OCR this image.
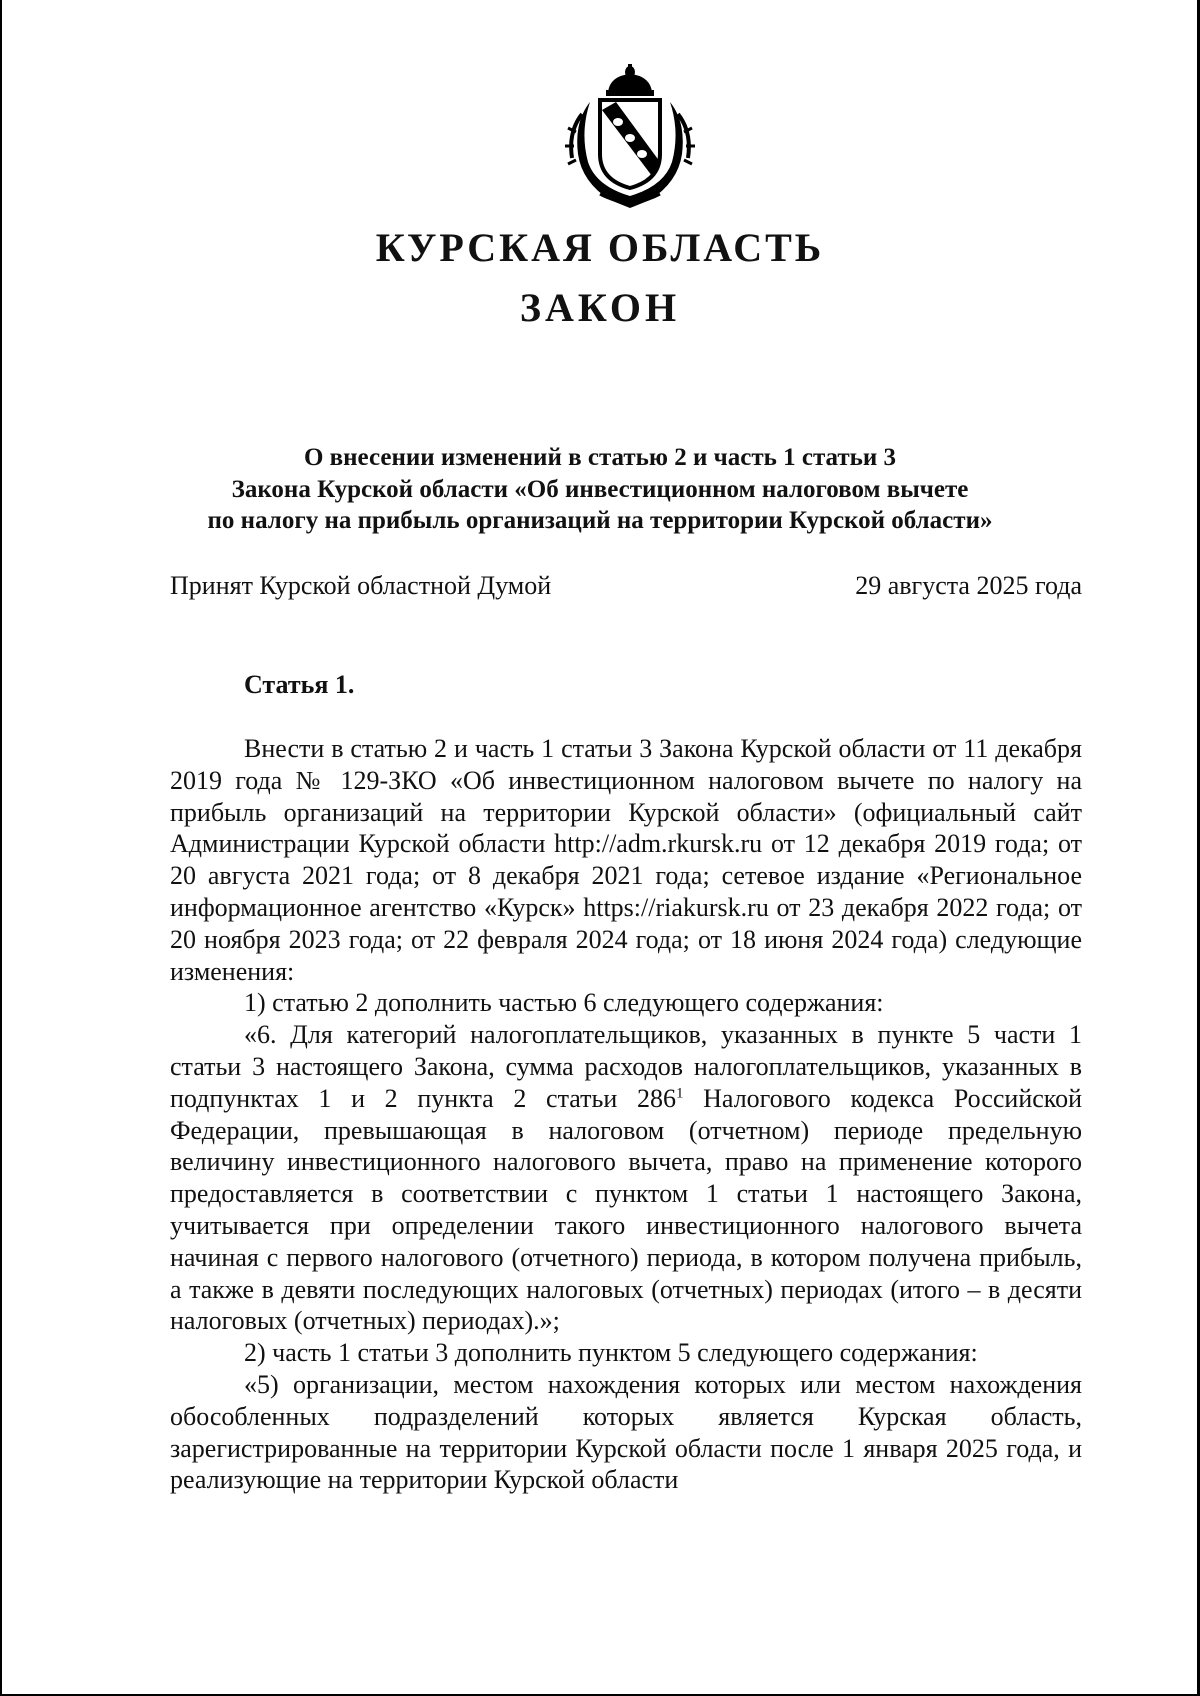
КУРСКАЯ ОБЛАСТЬ
ЗАКОН
О внесении изменений в статью 2 и часть 1 статьи 3
Закона Курской области «Об инвестиционном налоговом вычете
по налогу на прибыль организаций на территории Курской области»
Принят Курской областной Думой	29 августа 2025 года
Статья 1.

Внести в статью 2 и часть 1 статьи 3 Закона Курской области от 11 декабря 2019 года № 129-ЗКО «Об инвестиционном налоговом вычете по налогу на прибыль организаций на территории Курской области» (официальный сайт Администрации Курской области http://adm.rkursk.ru от 12 декабря 2019 года; от 20 августа 2021 года; от 8 декабря 2021 года; сетевое издание «Региональное информационное агентство «Курск» https://riakursk.ru от 23 декабря 2022 года; от 20 ноября 2023 года; от 22 февраля 2024 года; от 18 июня 2024 года) следующие изменения:

1) статью 2 дополнить частью 6 следующего содержания:

«6. Для категорий налогоплательщиков, указанных в пункте 5 части 1 статьи 3 настоящего Закона, сумма расходов налогоплательщиков, указанных в подпунктах 1 и 2 пункта 2 статьи $286^1$ Налогового кодекса Российской Федерации, превышающая в налоговом (отчетном) периоде предельную величину инвестиционного налогового вычета, право на применение которого предоставляется в соответствии с пунктом 1 статьи 1 настоящего Закона, учитывается при определении такого инвестиционного налогового вычета начиная с первого налогового (отчетного) периода, в котором получена прибыль, а также в девяти последующих налоговых (отчетных) периодах (итого – в десяти налоговых (отчетных) периодах).»;

2) часть 1 статьи 3 дополнить пунктом 5 следующего содержания:

«5) организации, местом нахождения которых или местом нахождения обособленных подразделений которых является Курская область, зарегистрированные на территории Курской области после 1 января 2025 года, и реализующие на территории Курской области
